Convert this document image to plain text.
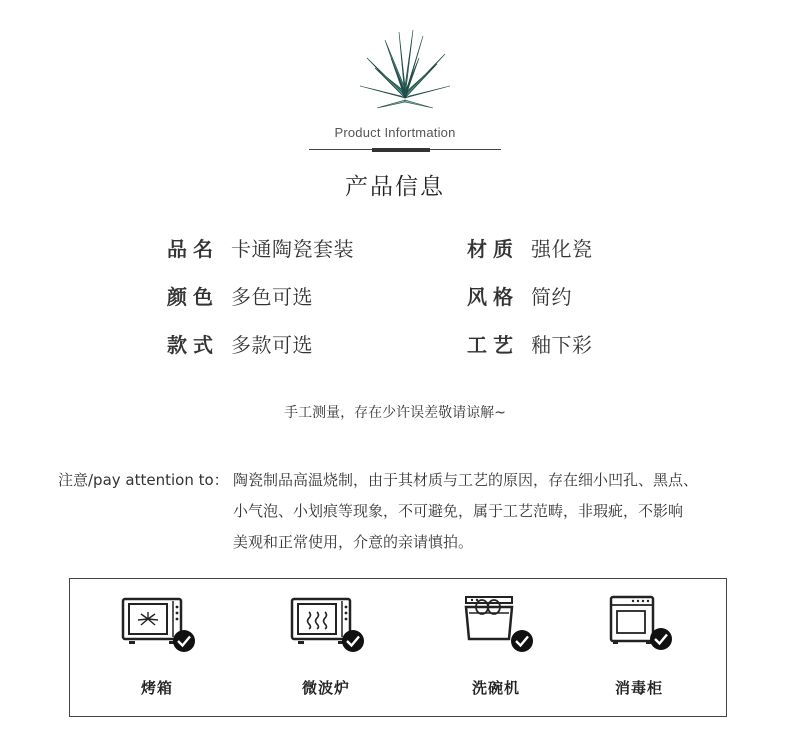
Product Infortmation
产品信息
品名 卡通陶瓷套装	材质 强化瓷
颜色 多色可选	风格 简约
款式 多款可选	工艺 釉下彩
手工测量，存在少许误差敬请谅解~
注意/pay attention to： 陶瓷制品高温烧制，由于其材质与工艺的原因，存在细小凹孔、黑点、
小气泡、小划痕等现象，不可避免，属于工艺范畴，非瑕疵，不影响
美观和正常使用，介意的亲请慎拍。
烤箱	微波炉	洗碗机	消毒柜
